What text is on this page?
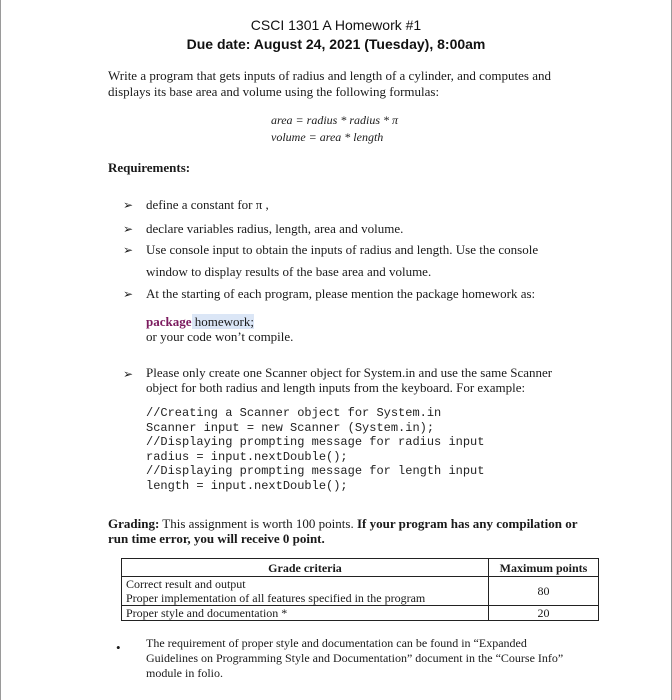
CSCI 1301 A Homework #1
Due date: August 24, 2021 (Tuesday), 8:00am
Write a program that gets inputs of radius and length of a cylinder, and computes and displays its base area and volume using the following formulas:
area = radius * radius * π
volume = area * length
Requirements:
➢ define a constant for π ,
➢ declare variables radius, length, area and volume.
➢ Use console input to obtain the inputs of radius and length. Use the console
window to display results of the base area and volume.
➢ At the starting of each program, please mention the package homework as:
package homework;
or your code won’t compile.
➢ Please only create one Scanner object for System.in and use the same Scanner object for both radius and length inputs from the keyboard. For example:
//Creating a Scanner object for System.in
Scanner input = new Scanner (System.in);
//Displaying prompting message for radius input
radius = input.nextDouble();
//Displaying prompting message for length input
length = input.nextDouble();
Grading: This assignment is worth 100 points. If your program has any compilation or run time error, you will receive 0 point.
Grade criteria	Maximum points

Correct result and output
Proper implementation of all features specified in the program	80

Proper style and documentation *	20
• The requirement of proper style and documentation can be found in “Expanded Guidelines on Programming Style and Documentation” document in the “Course Info” module in folio.
